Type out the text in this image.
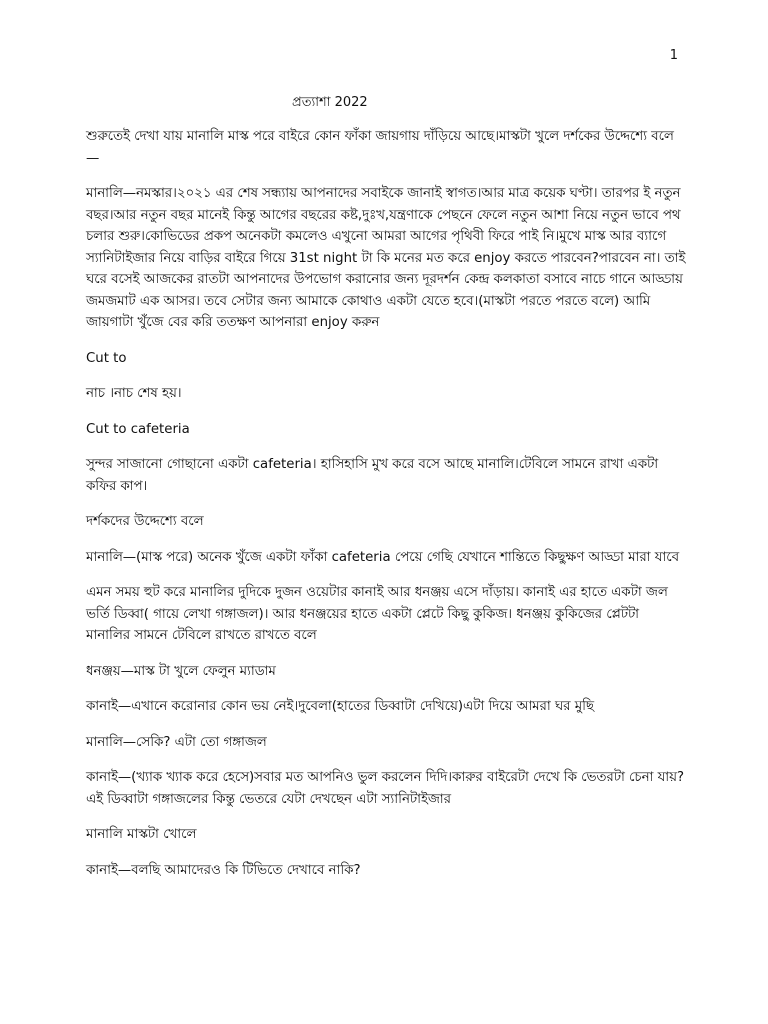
1
প্রত্যাশা 2022

শুরুতেই দেখা যায় মানালি মাস্ক পরে বাইরে কোন ফাঁকা জায়গায় দাঁড়িয়ে আছে।মাস্কটা খুলে দর্শকের উদ্দেশ্যে বলে—

মানালি—নমস্কার।২০২১ এর শেষ সন্ধ্যায় আপনাদের সবাইকে জানাই স্বাগত।আর মাত্র কয়েক ঘণ্টা। তারপর ই নতুন বছর।আর নতুন বছর মানেই কিন্তু আগের বছরের কষ্ট,দুঃখ,যন্ত্রণাকে পেছনে ফেলে নতুন আশা নিয়ে নতুন ভাবে পথ চলার শুরু।কোভিডের প্রকপ অনেকটা কমলেও এখুনো আমরা আগের পৃথিবী ফিরে পাই নি।মুখে মাস্ক আর ব্যাগে স্যানিটাইজার নিয়ে বাড়ির বাইরে গিয়ে 31st night টা কি মনের মত করে enjoy করতে পারবেন?পারবেন না। তাই ঘরে বসেই আজকের রাতটা আপনাদের উপভোগ করানোর জন্য দূরদর্শন কেন্দ্র কলকাতা বসাবে নাচে গানে আড্ডায় জমজমাট এক আসর। তবে সেটার জন্য আমাকে কোথাও একটা যেতে হবে।(মাস্কটা পরতে পরতে বলে) আমি জায়গাটা খুঁজে বের করি ততক্ষণ আপনারা enjoy করুন

Cut to

নাচ ।নাচ শেষ হয়।

Cut to cafeteria

সুন্দর সাজানো গোছানো একটা cafeteria। হাসিহাসি মুখ করে বসে আছে মানালি।টেবিলে সামনে রাখা একটা কফির কাপ।

দর্শকদের উদ্দেশ্যে বলে

মানালি—(মাস্ক পরে) অনেক খুঁজে একটা ফাঁকা cafeteria পেয়ে গেছি যেখানে শান্তিতে কিছুক্ষণ আড্ডা মারা যাবে

এমন সময় হুট করে মানালির দুদিকে দুজন ওয়েটার কানাই আর ধনঞ্জয় এসে দাঁড়ায়। কানাই এর হাতে একটা জল ভর্তি ডিব্বা( গায়ে লেখা গঙ্গাজল)। আর ধনঞ্জয়ের হাতে একটা প্লেটে কিছু কুকিজ। ধনঞ্জয় কুকিজের প্লেটটা মানালির সামনে টেবিলে রাখতে রাখতে বলে

ধনঞ্জয়—মাস্ক টা খুলে ফেলুন ম্যাডাম

কানাই—এখানে করোনার কোন ভয় নেই।দুবেলা(হাতের ডিব্বাটা দেখিয়ে)এটা দিয়ে আমরা ঘর মুছি

মানালি—সেকি? এটা তো গঙ্গাজল

কানাই—(খ্যাক খ্যাক করে হেসে)সবার মত আপনিও ভুল করলেন দিদি।কারুর বাইরেটা দেখে কি ভেতরটা চেনা যায়? এই ডিব্বাটা গঙ্গাজলের কিন্তু ভেতরে যেটা দেখছেন এটা স্যানিটাইজার

মানালি মাস্কটা খোলে

কানাই—বলছি আমাদেরও কি টিভিতে দেখাবে নাকি?
